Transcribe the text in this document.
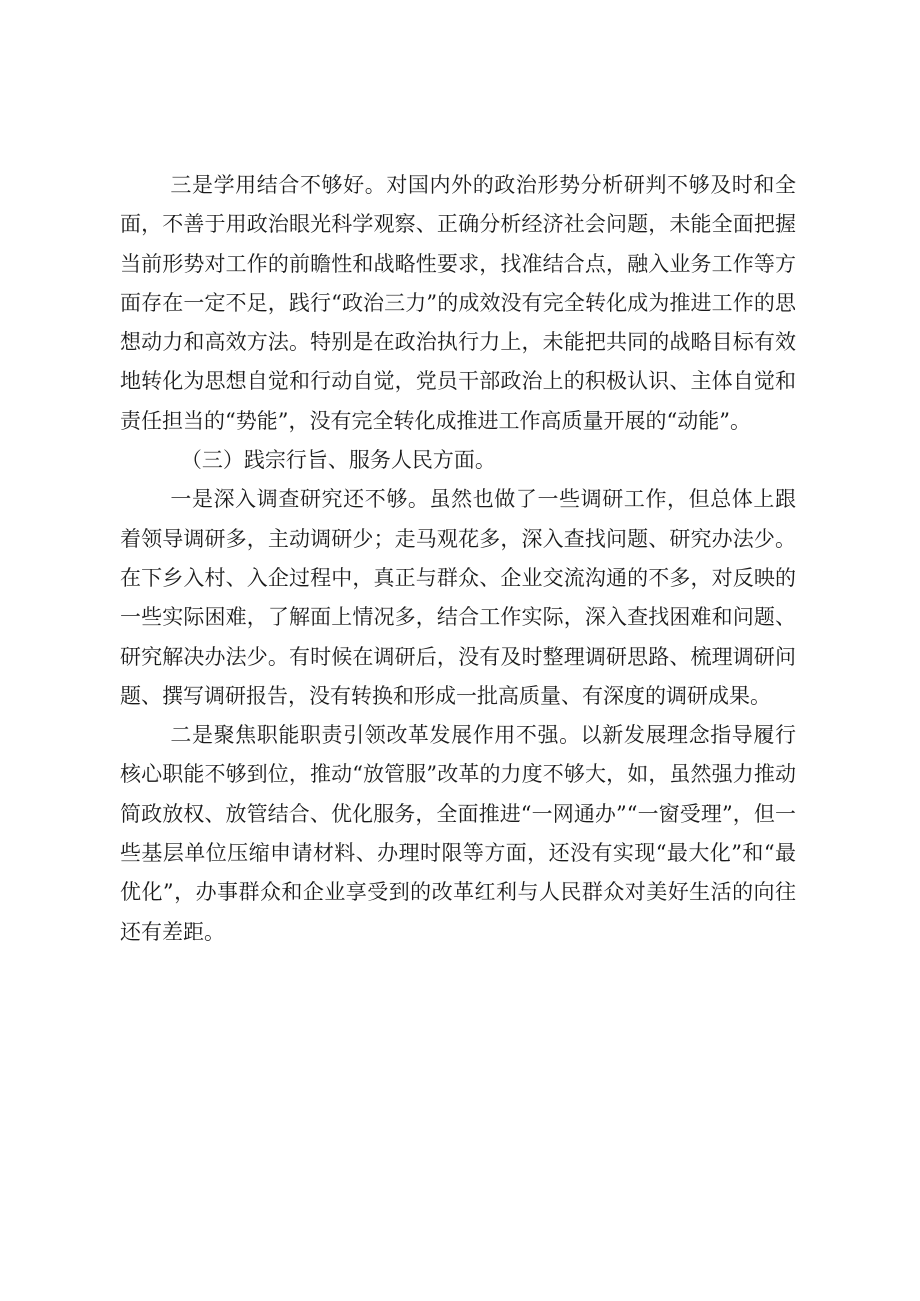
三是学用结合不够好。对国内外的政治形势分析研判不够及时和全面，不善于用政治眼光科学观察、正确分析经济社会问题，未能全面把握当前形势对工作的前瞻性和战略性要求，找准结合点，融入业务工作等方面存在一定不足，践行“政治三力”的成效没有完全转化成为推进工作的思想动力和高效方法。特别是在政治执行力上，未能把共同的战略目标有效地转化为思想自觉和行动自觉，党员干部政治上的积极认识、主体自觉和责任担当的“势能”，没有完全转化成推进工作高质量开展的“动能”。

（三）践宗行旨、服务人民方面。

一是深入调查研究还不够。虽然也做了一些调研工作，但总体上跟着领导调研多，主动调研少；走马观花多，深入查找问题、研究办法少。在下乡入村、入企过程中，真正与群众、企业交流沟通的不多，对反映的一些实际困难，了解面上情况多，结合工作实际，深入查找困难和问题、研究解决办法少。有时候在调研后，没有及时整理调研思路、梳理调研问题、撰写调研报告，没有转换和形成一批高质量、有深度的调研成果。

二是聚焦职能职责引领改革发展作用不强。以新发展理念指导履行核心职能不够到位，推动“放管服”改革的力度不够大，如，虽然强力推动简政放权、放管结合、优化服务，全面推进“一网通办”“一窗受理”，但一些基层单位压缩申请材料、办理时限等方面，还没有实现“最大化”和“最优化”，办事群众和企业享受到的改革红利与人民群众对美好生活的向往还有差距。
